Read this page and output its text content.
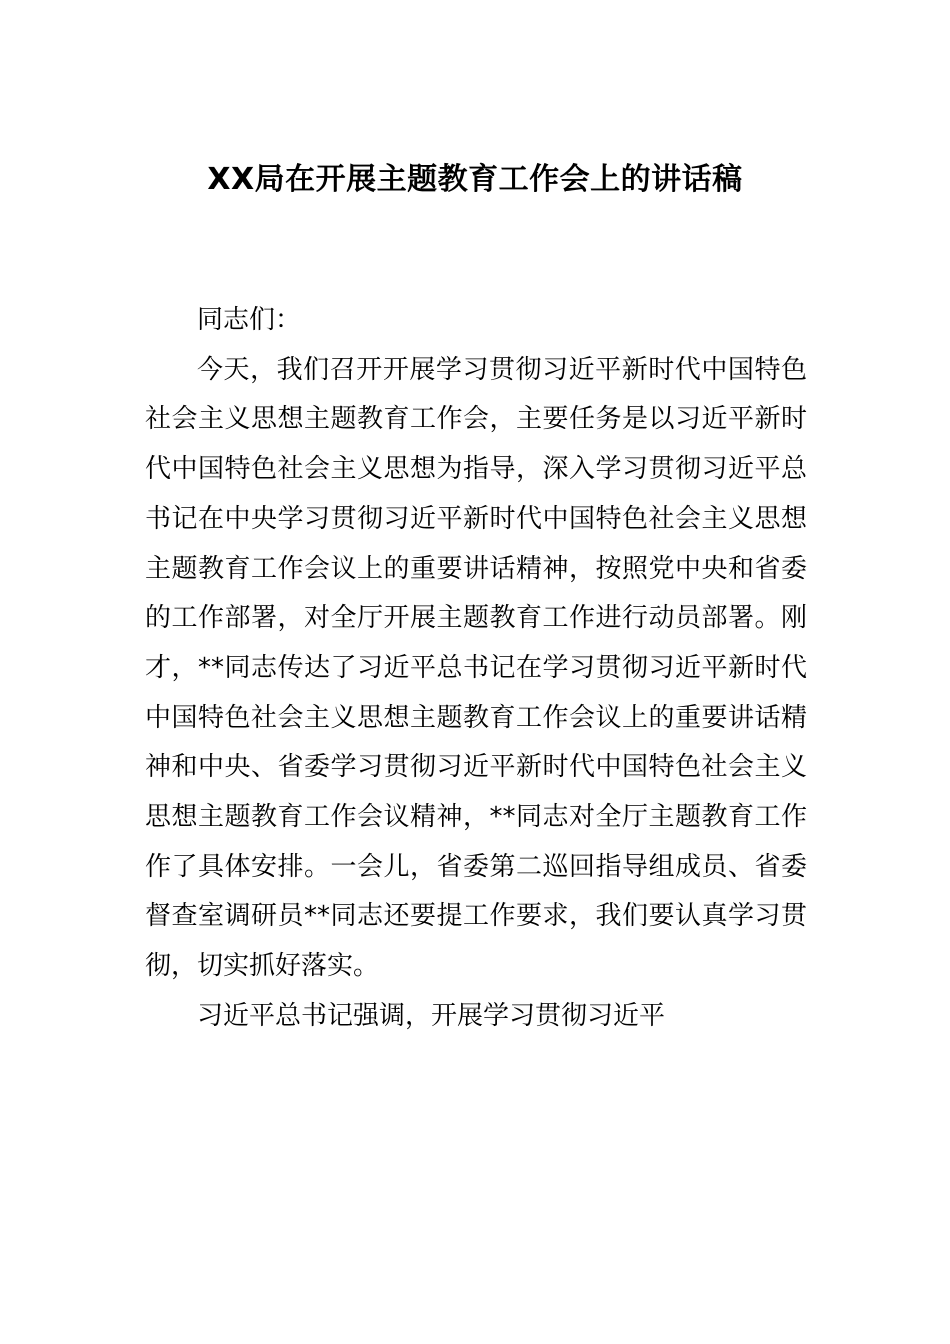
XX局在开展主题教育工作会上的讲话稿

同志们：

今天，我们召开开展学习贯彻习近平新时代中国特色社会主义思想主题教育工作会，主要任务是以习近平新时代中国特色社会主义思想为指导，深入学习贯彻习近平总书记在中央学习贯彻习近平新时代中国特色社会主义思想主题教育工作会议上的重要讲话精神，按照党中央和省委的工作部署，对全厅开展主题教育工作进行动员部署。刚才，**同志传达了习近平总书记在学习贯彻习近平新时代中国特色社会主义思想主题教育工作会议上的重要讲话精神和中央、省委学习贯彻习近平新时代中国特色社会主义思想主题教育工作会议精神，**同志对全厅主题教育工作作了具体安排。一会儿，省委第二巡回指导组成员、省委督查室调研员**同志还要提工作要求，我们要认真学习贯彻，切实抓好落实。

习近平总书记强调，开展学习贯彻习近平
